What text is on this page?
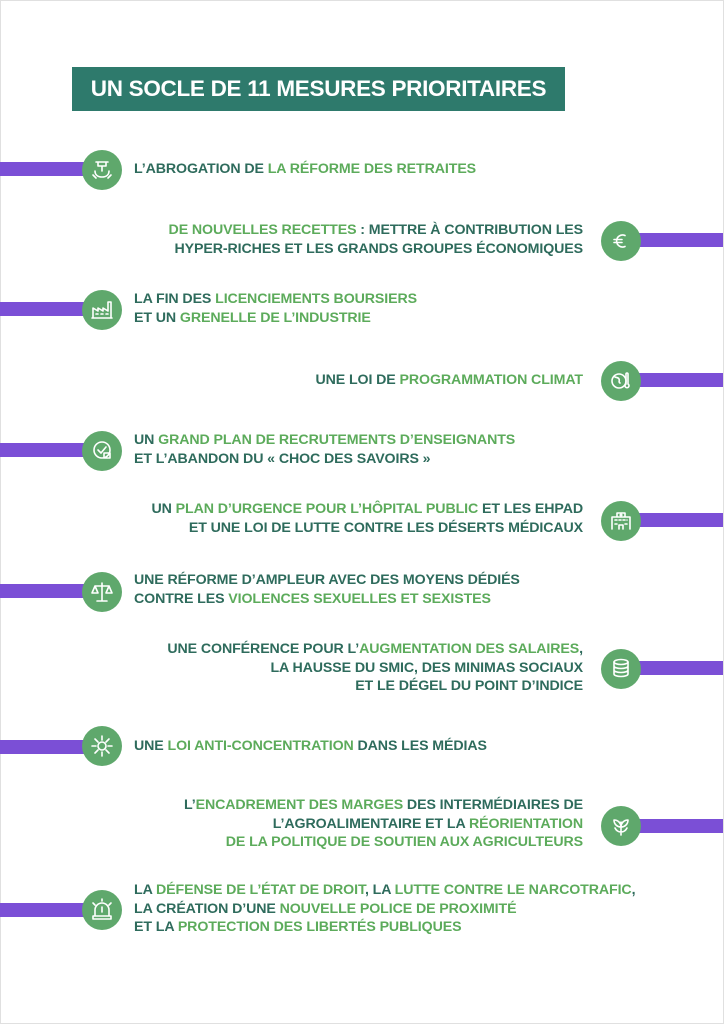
UN SOCLE DE 11 MESURES PRIORITAIRES
L’ABROGATION DE LA RÉFORME DES RETRAITES
DE NOUVELLES RECETTES : METTRE À CONTRIBUTION LES
HYPER-RICHES ET LES GRANDS GROUPES ÉCONOMIQUES
LA FIN DES LICENCIEMENTS BOURSIERS
ET UN GRENELLE DE L’INDUSTRIE
UNE LOI DE PROGRAMMATION CLIMAT
UN GRAND PLAN DE RECRUTEMENTS D’ENSEIGNANTS
ET L’ABANDON DU « CHOC DES SAVOIRS »
UN PLAN D’URGENCE POUR L’HÔPITAL PUBLIC ET LES EHPAD
ET UNE LOI DE LUTTE CONTRE LES DÉSERTS MÉDICAUX
UNE RÉFORME D’AMPLEUR AVEC DES MOYENS DÉDIÉS
CONTRE LES VIOLENCES SEXUELLES ET SEXISTES
UNE CONFÉRENCE POUR L’AUGMENTATION DES SALAIRES,
LA HAUSSE DU SMIC, DES MINIMAS SOCIAUX
ET LE DÉGEL DU POINT D’INDICE
UNE LOI ANTI-CONCENTRATION DANS LES MÉDIAS
L’ENCADREMENT DES MARGES DES INTERMÉDIAIRES DE
L’AGROALIMENTAIRE ET LA RÉORIENTATION
DE LA POLITIQUE DE SOUTIEN AUX AGRICULTEURS
LA DÉFENSE DE L’ÉTAT DE DROIT, LA LUTTE CONTRE LE NARCOTRAFIC,
LA CRÉATION D’UNE NOUVELLE POLICE DE PROXIMITÉ
ET LA PROTECTION DES LIBERTÉS PUBLIQUES
